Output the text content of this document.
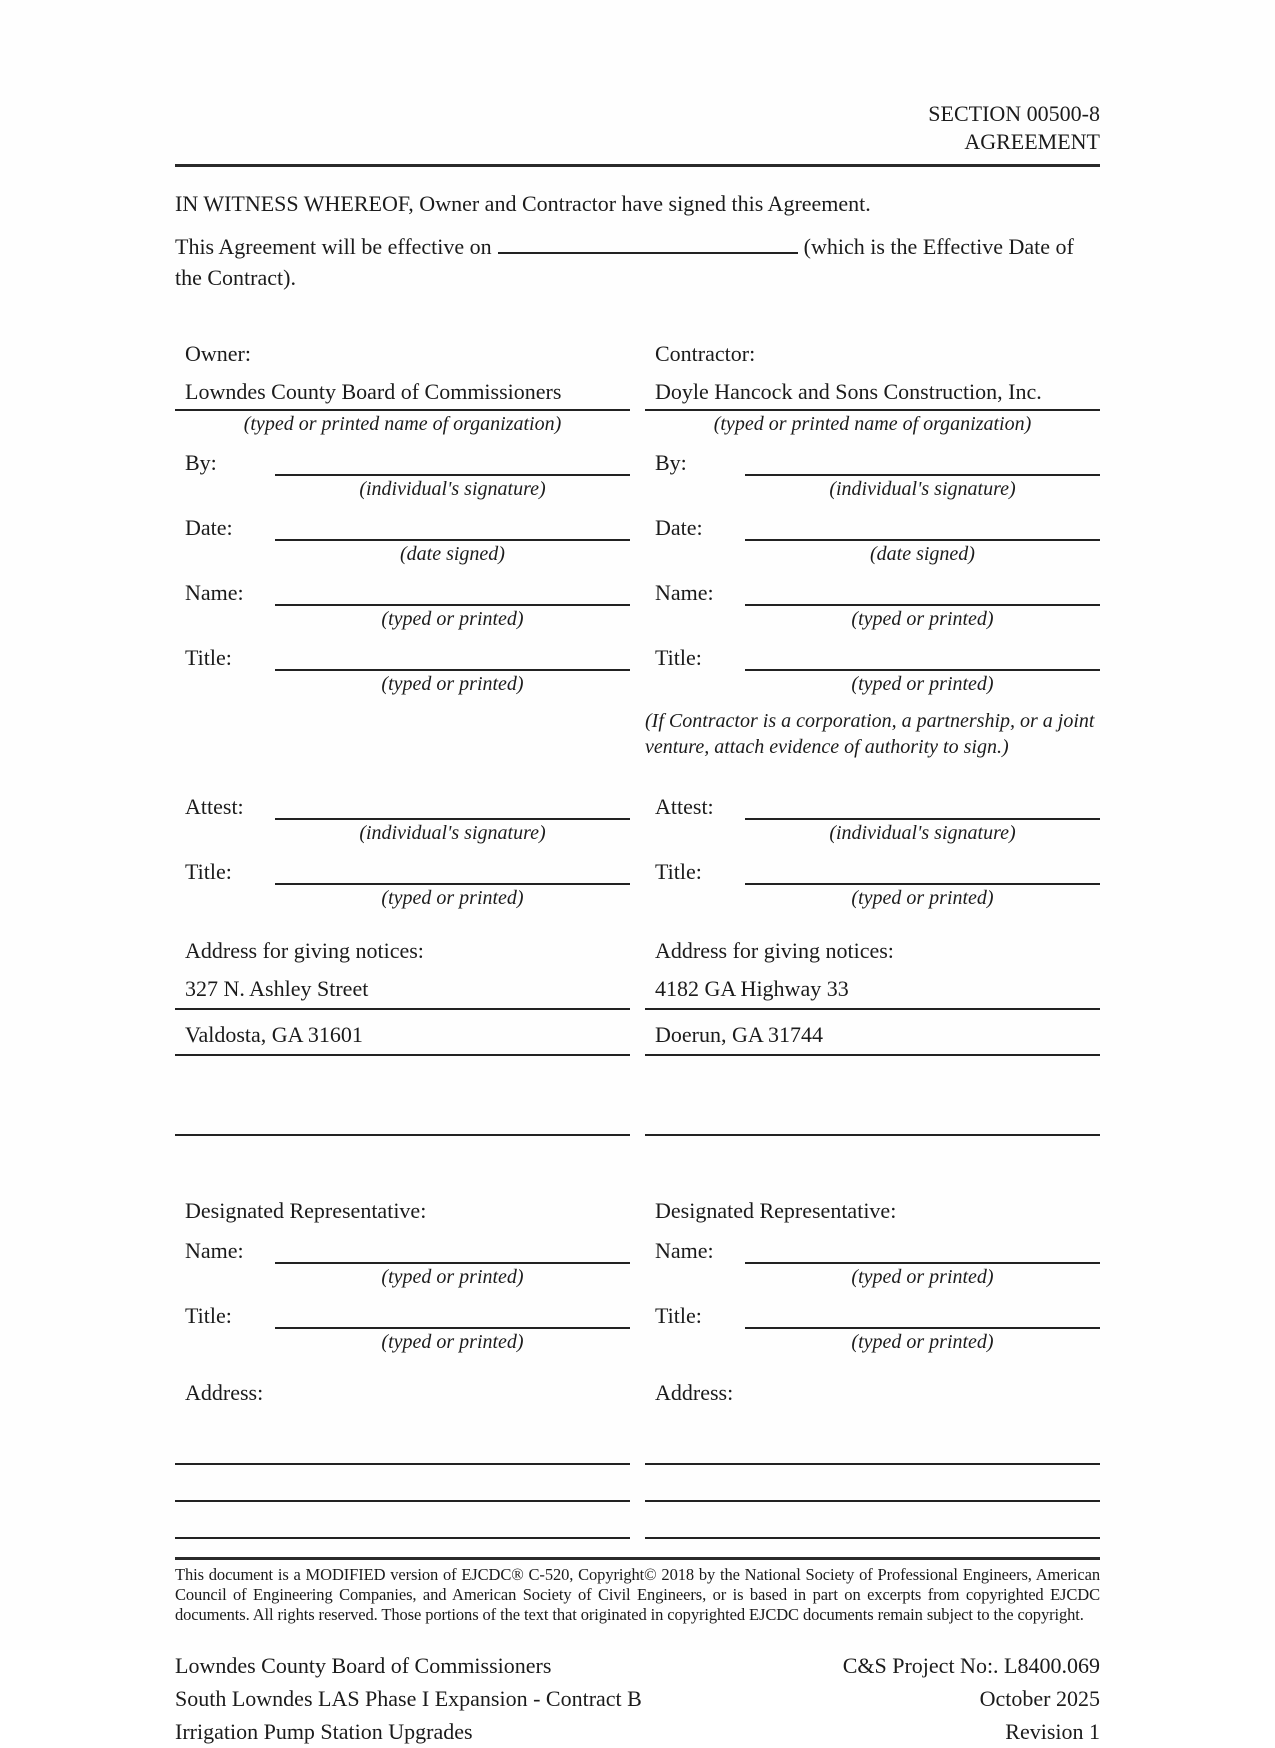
SECTION 00500-8
AGREEMENT

IN WITNESS WHEREOF, Owner and Contractor have signed this Agreement.

This Agreement will be effective on	(which is the Effective Date of the Contract).

Owner:
Lowndes County Board of Commissioners
(typed or printed name of organization)
By:
(individual's signature)
Date:
(date signed)
Name:
(typed or printed)
Title:
(typed or printed)
Attest:
(individual's signature)
Title:
(typed or printed)
Address for giving notices:
327 N. Ashley Street
Valdosta, GA 31601
Designated Representative:
Name:
(typed or printed)
Title:
(typed or printed)
Address:
Contractor:
Doyle Hancock and Sons Construction, Inc.
(typed or printed name of organization)
By:
(individual's signature)
Date:
(date signed)
Name:
(typed or printed)
Title:
(typed or printed)
(If Contractor is a corporation, a partnership, or a joint venture, attach evidence of authority to sign.)
Attest:
(individual's signature)
Title:
(typed or printed)
Address for giving notices:
4182 GA Highway 33
Doerun, GA 31744
Designated Representative:
Name:
(typed or printed)
Title:
(typed or printed)
Address:

This document is a MODIFIED version of EJCDC® C-520, Copyright© 2018 by the National Society of Professional Engineers, American Council of Engineering Companies, and American Society of Civil Engineers, or is based in part on excerpts from copyrighted EJCDC documents. All rights reserved. Those portions of the text that originated in copyrighted EJCDC documents remain subject to the copyright.

Lowndes County Board of Commissioners
South Lowndes LAS Phase I Expansion - Contract B
Irrigation Pump Station Upgrades
C&S Project No:. L8400.069
October 2025
Revision 1
